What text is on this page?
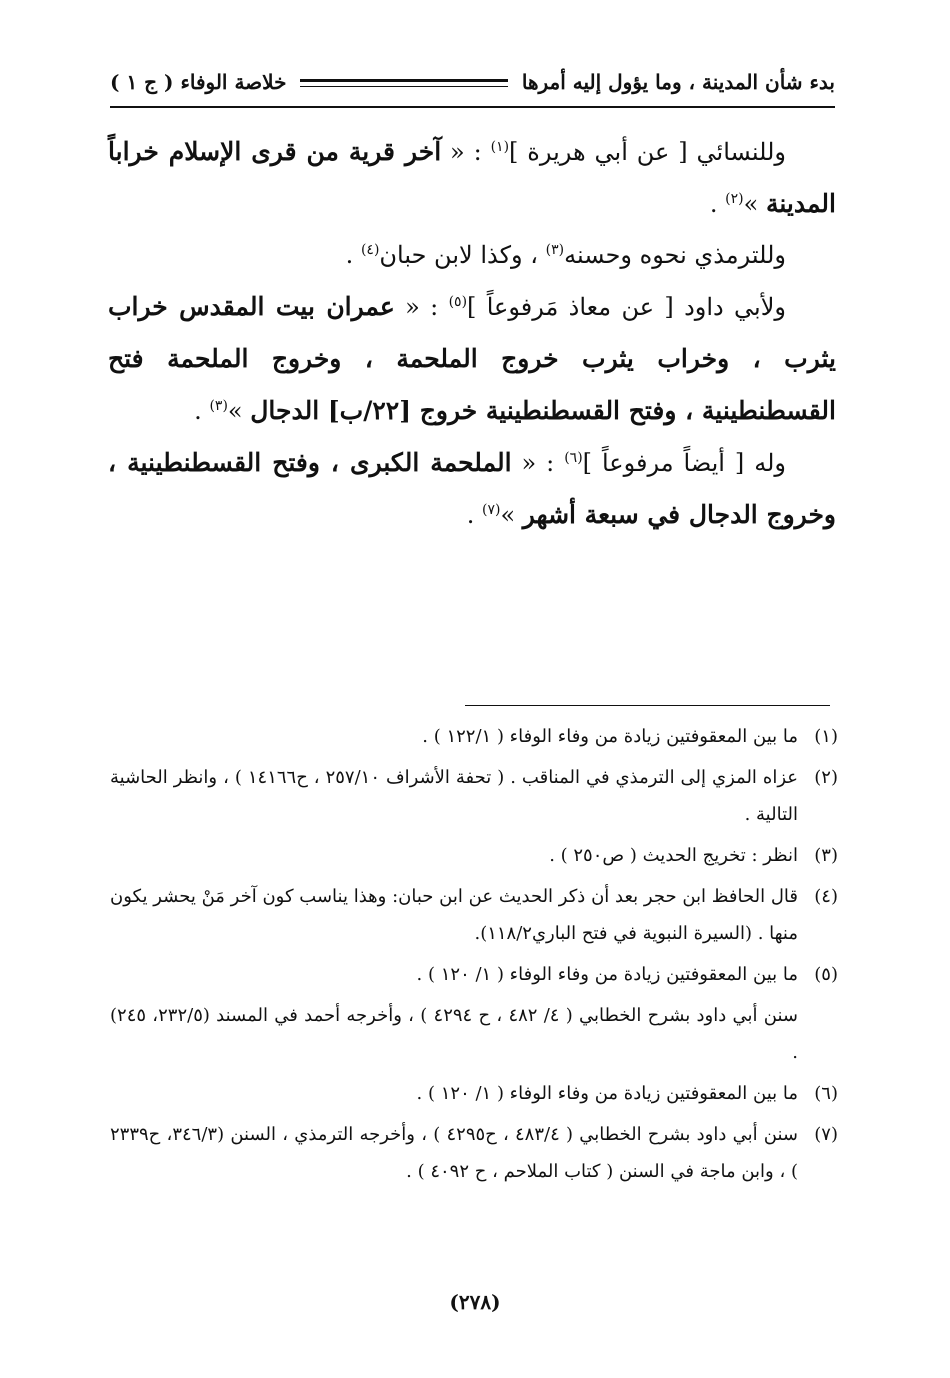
بدء شأن المدينة ، وما يؤول إليه أمرها
خلاصة الوفاء ( ج ١ )

وللنسائي [ عن أبي هريرة ]$^{(١)}$ : « آخر قرية من قرى الإسلام خراباً المدينة »$^{(٢)}$ .

وللترمذي نحوه وحسنه$^{(٣)}$ ، وكذا لابن حبان$^{(٤)}$ .

ولأبي داود [ عن معاذ مَرفوعاً ]$^{(٥)}$ : « عمران بيت المقدس خراب يثرب ، وخراب يثرب خروج الملحمة ، وخروج الملحمة فتح القسطنطينية ، وفتح القسطنطينية خروج [٢٢/ب] الدجال »$^{(٣)}$ .

وله [ أيضاً مرفوعاً ]$^{(٦)}$ : « الملحمة الكبرى ، وفتح القسطنطينية ، وخروج الدجال في سبعة أشهر »$^{(٧)}$ .

(١)
ما بين المعقوفتين زيادة من وفاء الوفاء ( ١٢٢/١ ) .
(٢)
عزاه المزي إلى الترمذي في المناقب . ( تحفة الأشراف ٢٥٧/١٠ ، ح١٤١٦٦ ) ، وانظر الحاشية التالية .
(٣)
انظر : تخريج الحديث ( ص٢٥٠ ) .
(٤)
قال الحافظ ابن حجر بعد أن ذكر الحديث عن ابن حبان: وهذا يناسب كون آخر مَنْ يحشر يكون منها . (السيرة النبوية في فتح الباري١١٨/٢).
(٥)
ما بين المعقوفتين زيادة من وفاء الوفاء ( ١/ ١٢٠ ) .
سنن أبي داود بشرح الخطابي ( ٤/ ٤٨٢ ، ح ٤٢٩٤ ) ، وأخرجه أحمد في المسند (٢٣٢/٥، ٢٤٥) .
(٦)
ما بين المعقوفتين زيادة من وفاء الوفاء ( ١/ ١٢٠ ) .
(٧)
سنن أبي داود بشرح الخطابي ( ٤٨٣/٤ ، ح٤٢٩٥ ) ، وأخرجه الترمذي ، السنن (٣٤٦/٣، ح٢٣٣٩ ) ، وابن ماجة في السنن ( كتاب الملاحم ، ح ٤٠٩٢ ) .
(٢٧٨)
